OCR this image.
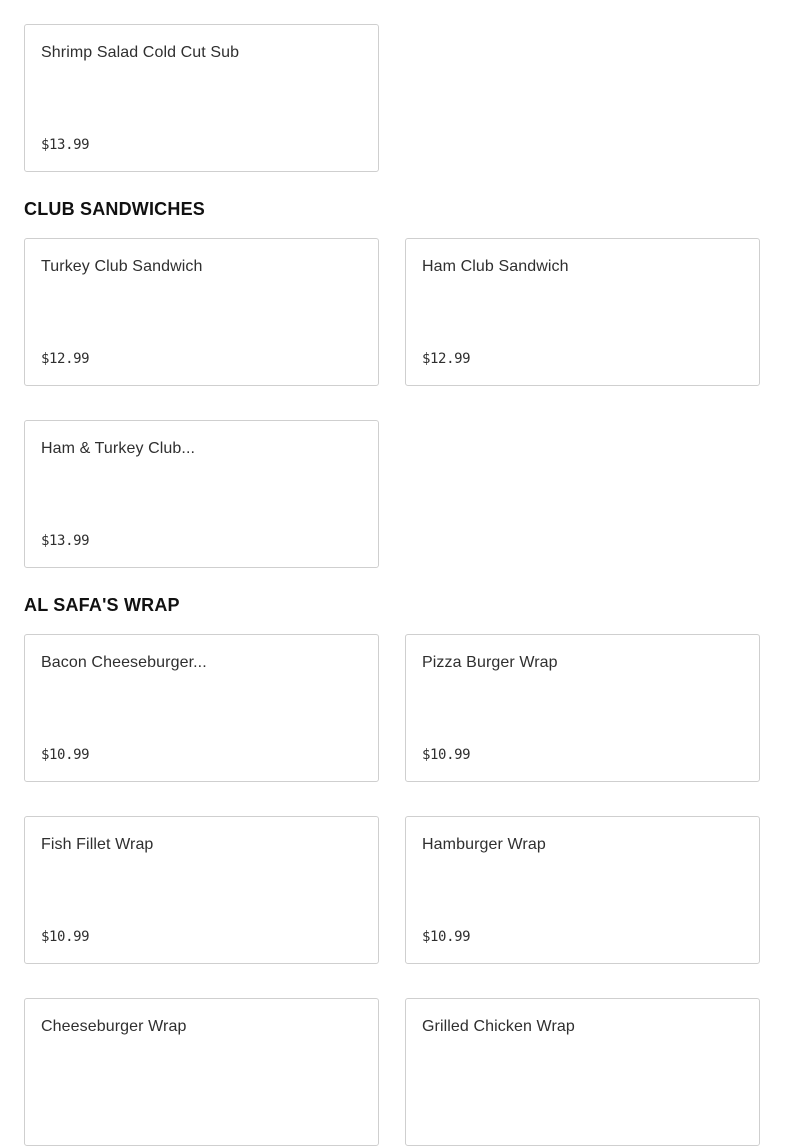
Shrimp Salad Cold Cut Sub
$13.99
CLUB SANDWICHES
Turkey Club Sandwich
$12.99
Ham Club Sandwich
$12.99
Ham & Turkey Club...
$13.99
AL SAFA'S WRAP
Bacon Cheeseburger...
$10.99
Pizza Burger Wrap
$10.99
Fish Fillet Wrap
$10.99
Hamburger Wrap
$10.99
Cheeseburger Wrap	Grilled Chicken Wrap
